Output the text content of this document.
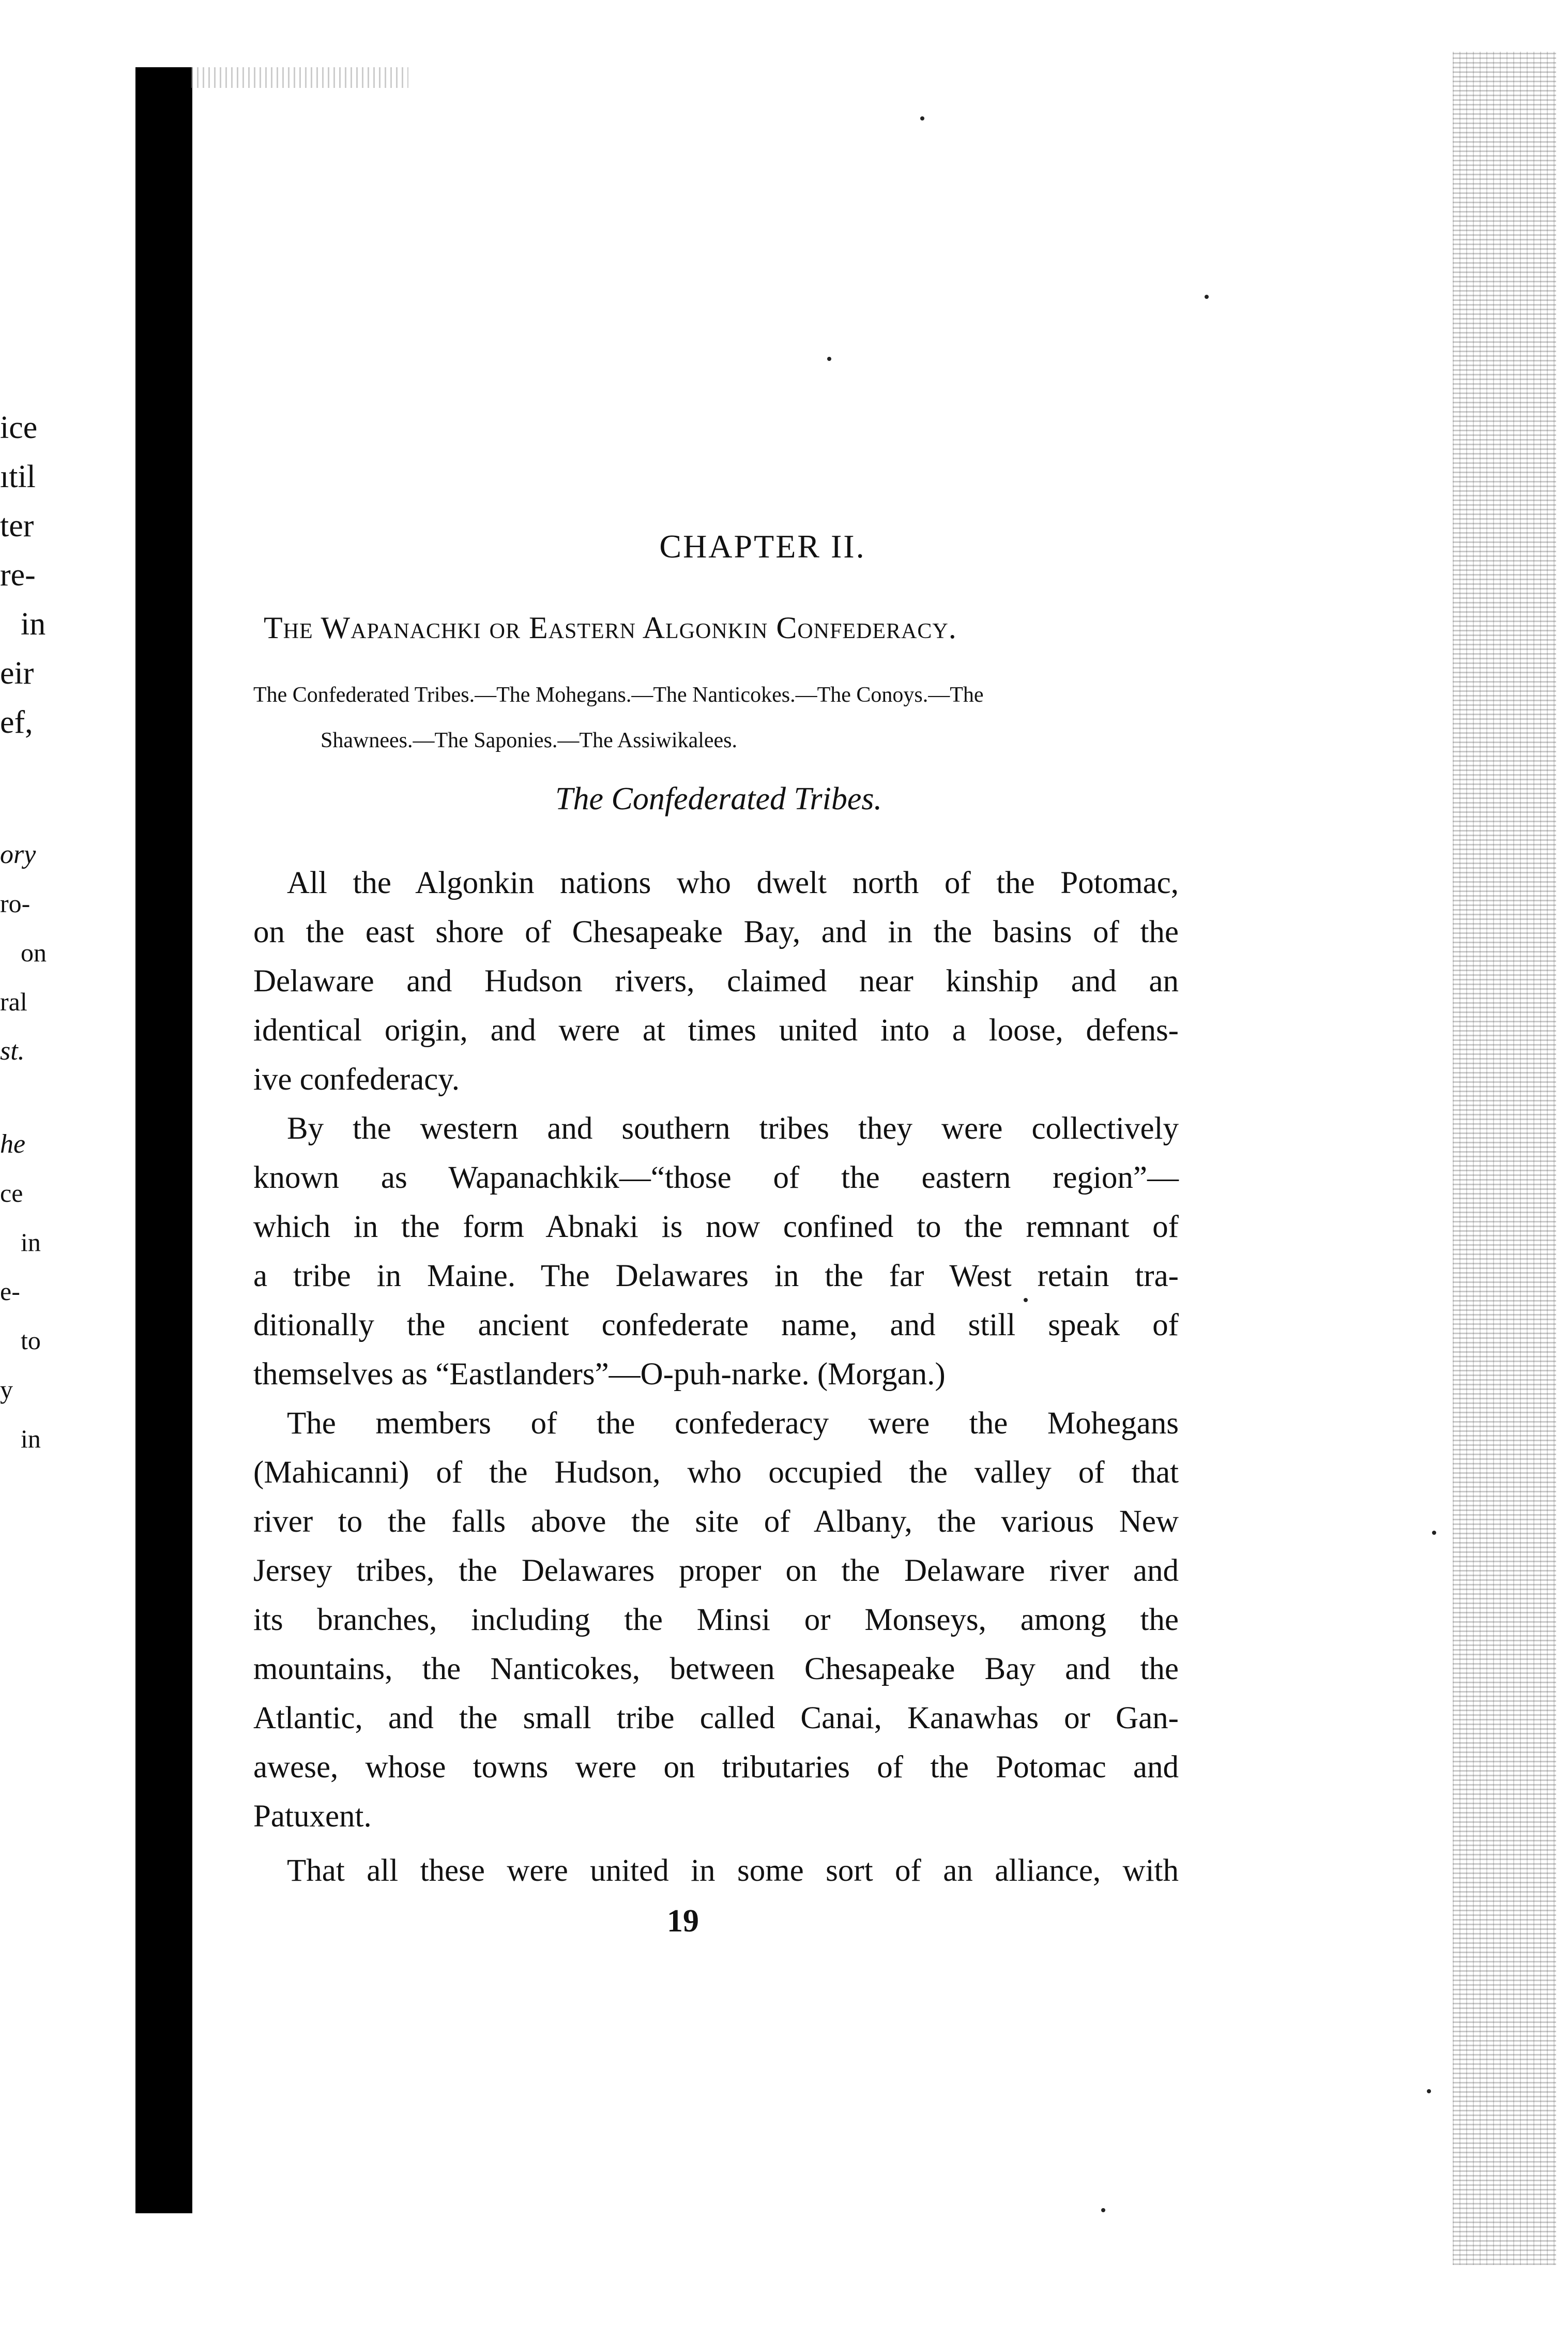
ice
ıtil
ter
re-
in
eir
ef,
ory
ro-
on
ral
st.
he
ce
in
e-
to
y
in
CHAPTER II.
The Wapanachki or Eastern Algonkin Confederacy.
The Confederated Tribes.—The Mohegans.—The Nanticokes.—The Conoys.—The
Shawnees.—The Saponies.—The Assiwikalees.
The Confederated Tribes.
All the Algonkin nations who dwelt north of the Potomac,
on the east shore of Chesapeake Bay, and in the basins of the
Delaware and Hudson rivers, claimed near kinship and an
identical origin, and were at times united into a loose, defens-
ive confederacy.
By the western and southern tribes they were collectively
known as Wapanachkik—“those of the eastern region”—
which in the form Abnaki is now confined to the remnant of
a tribe in Maine. The Delawares in the far West retain tra-
ditionally the ancient confederate name, and still speak of
themselves as “Eastlanders”—O-puh-narke. (Morgan.)
The members of the confederacy were the Mohegans
(Mahicanni) of the Hudson, who occupied the valley of that
river to the falls above the site of Albany, the various New
Jersey tribes, the Delawares proper on the Delaware river and
its branches, including the Minsi or Monseys, among the
mountains, the Nanticokes, between Chesapeake Bay and the
Atlantic, and the small tribe called Canai, Kanawhas or Gan-
awese, whose towns were on tributaries of the Potomac and
Patuxent.
That all these were united in some sort of an alliance, with
19
